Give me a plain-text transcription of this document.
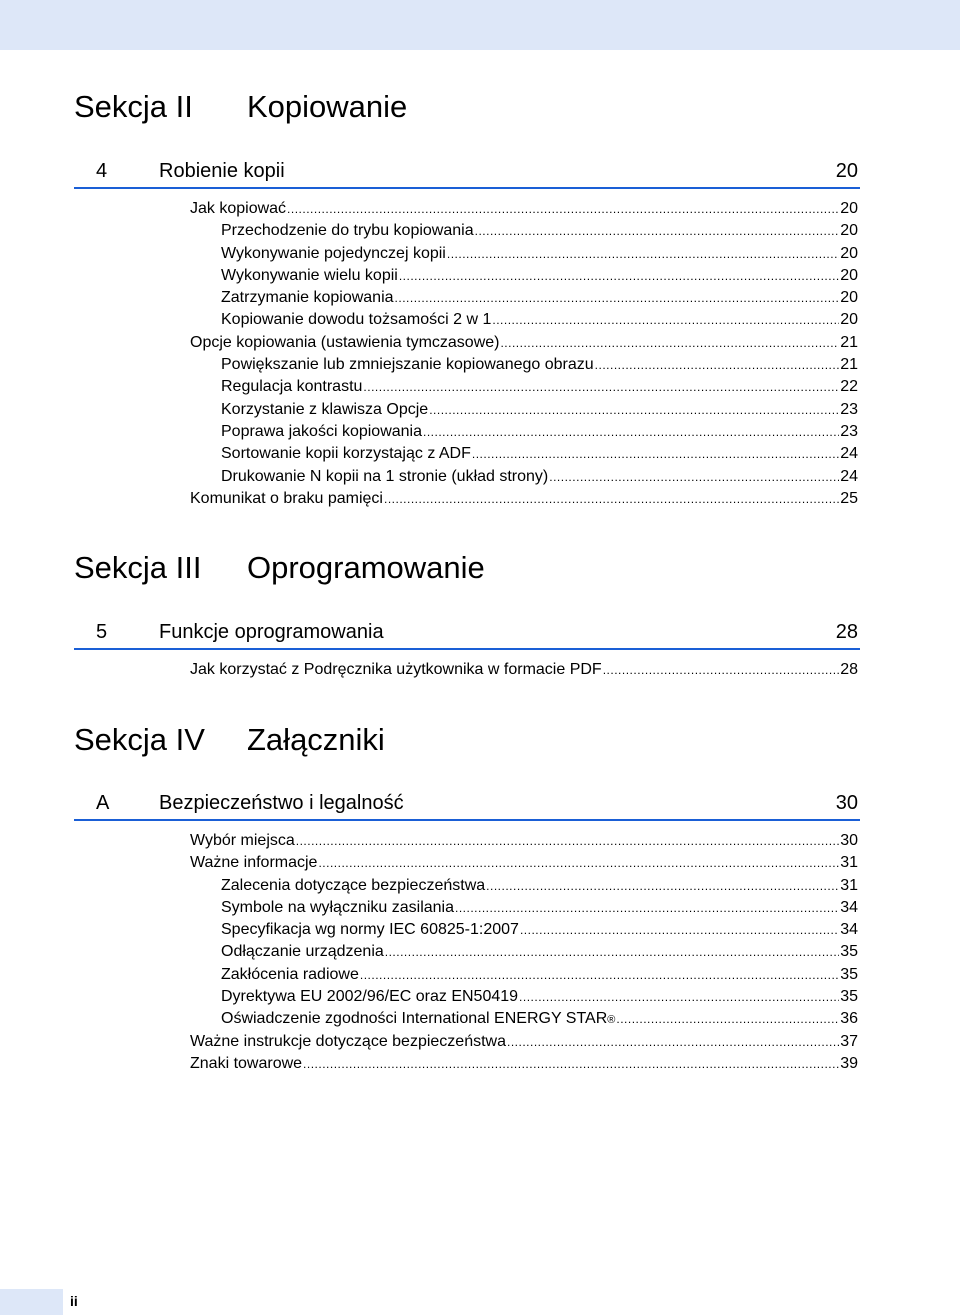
Sekcja II Kopiowanie
4	Robienie kopii	20
Jak kopiować .....	20
Przechodzenie do trybu kopiowania .....	20
Wykonywanie pojedynczej kopii .....	20
Wykonywanie wielu kopii .....	20
Zatrzymanie kopiowania .....	20
Kopiowanie dowodu tożsamości 2 w 1 .....	20
Opcje kopiowania (ustawienia tymczasowe) .....	21
Powiększanie lub zmniejszanie kopiowanego obrazu .....	21
Regulacja kontrastu .....	22
Korzystanie z klawisza Opcje .....	23
Poprawa jakości kopiowania .....	23
Sortowanie kopii korzystając z ADF .....	24
Drukowanie N kopii na 1 stronie (układ strony) .....	24
Komunikat o braku pamięci .....	25
Sekcja III Oprogramowanie
5	Funkcje oprogramowania	28
Jak korzystać z Podręcznika użytkownika w formacie PDF .....	28
Sekcja IV Załączniki
A Bezpieczeństwo i legalność	30
Wybór miejsca .....	30
Ważne informacje .....	31
Zalecenia dotyczące bezpieczeństwa .....	31
Symbole na wyłączniku zasilania .....	34
Specyfikacja wg normy IEC 60825-1:2007 .....	34
Odłączanie urządzenia .....	35
Zakłócenia radiowe .....	35
Dyrektywa EU 2002/96/EC oraz EN50419 .....	35
Oświadczenie zgodności International ENERGY STAR ® .....	36
Ważne instrukcje dotyczące bezpieczeństwa .....	37
Znaki towarowe .....	39
ii
